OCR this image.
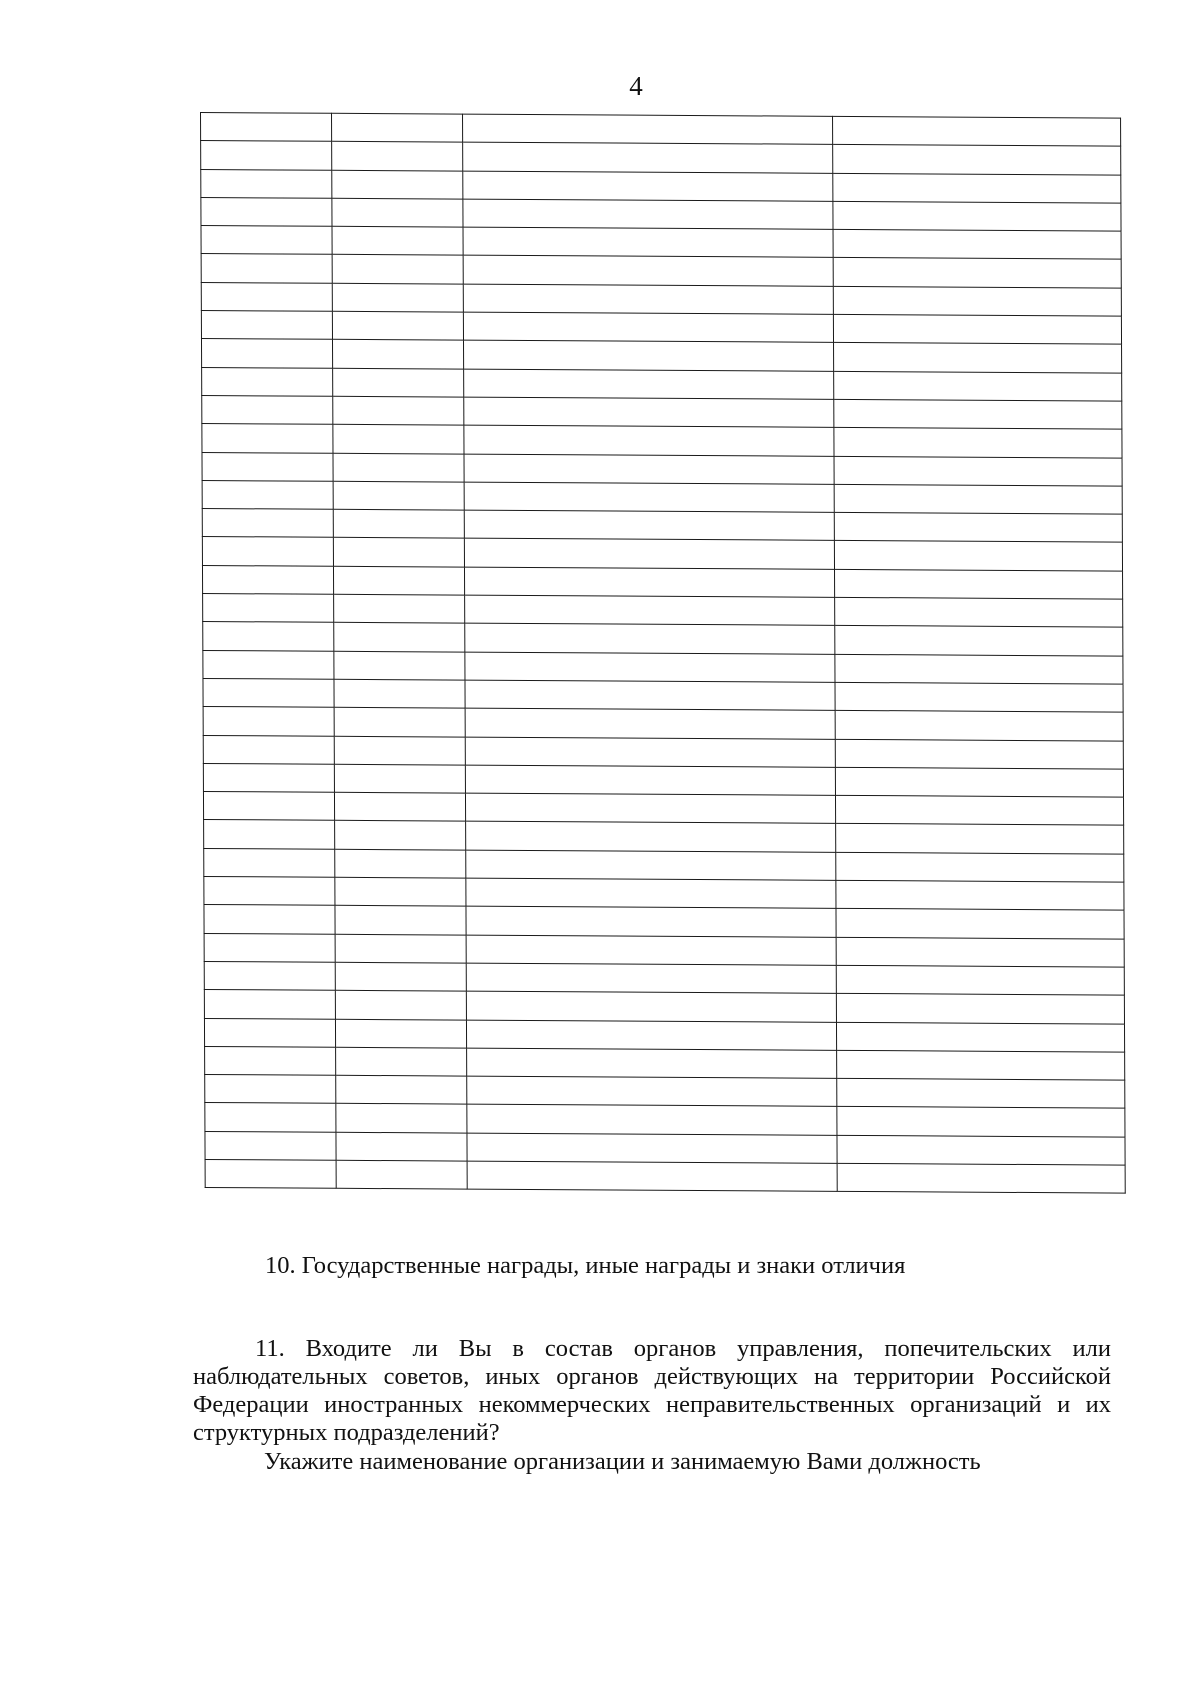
4

10. Государственные награды, иные награды и знаки отличия

11. Входите ли Вы в состав органов управления, попечительских или наблюдательных советов, иных органов действующих на территории Российской Федерации иностранных некоммерческих неправительственных организаций и их структурных подразделений?

Укажите наименование организации и занимаемую Вами должность
